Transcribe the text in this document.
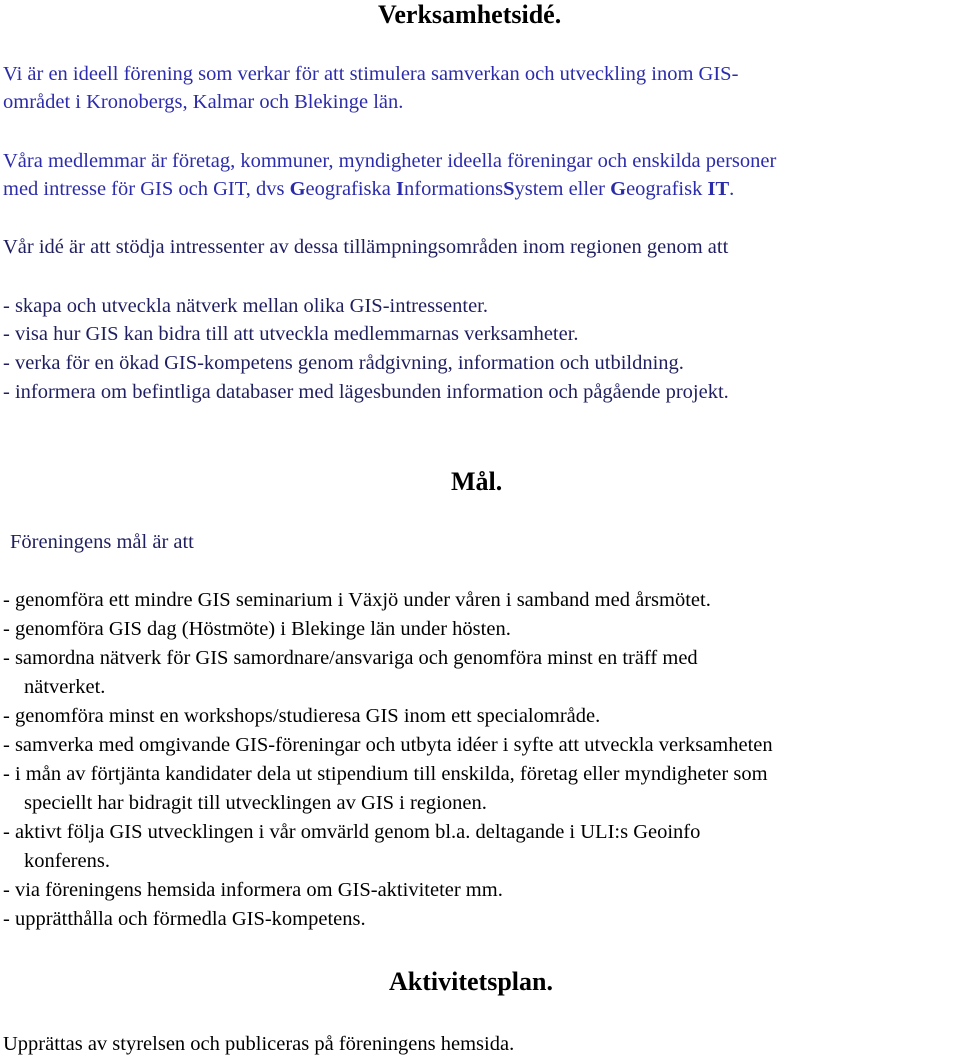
Verksamhetsidé.
Vi är en ideell förening som verkar för att stimulera samverkan och utveckling inom GIS-
området i Kronobergs, Kalmar och Blekinge län.
Våra medlemmar är företag, kommuner, myndigheter ideella föreningar och enskilda personer
med intresse för GIS och GIT, dvs Geografiska InformationsSystem eller Geografisk IT.
Vår idé är att stödja intressenter av dessa tillämpningsområden inom regionen genom att
- skapa och utveckla nätverk mellan olika GIS-intressenter.
- visa hur GIS kan bidra till att utveckla medlemmarnas verksamheter.
- verka för en ökad GIS-kompetens genom rådgivning, information och utbildning.
- informera om befintliga databaser med lägesbunden information och pågående projekt.
Mål.
Föreningens mål är att
- genomföra ett mindre GIS seminarium i Växjö under våren i samband med årsmötet.
- genomföra GIS dag (Höstmöte) i Blekinge län under hösten.
- samordna nätverk för GIS samordnare/ansvariga och genomföra minst en träff med
nätverket.
- genomföra minst en workshops/studieresa GIS inom ett specialområde.
- samverka med omgivande GIS-föreningar och utbyta idéer i syfte att utveckla verksamheten
- i mån av förtjänta kandidater dela ut stipendium till enskilda, företag eller myndigheter som
speciellt har bidragit till utvecklingen av GIS i regionen.
- aktivt följa GIS utvecklingen i vår omvärld genom bl.a. deltagande i ULI:s Geoinfo
konferens.
- via föreningens hemsida informera om GIS-aktiviteter mm.
- upprätthålla och förmedla GIS-kompetens.
Aktivitetsplan.
Upprättas av styrelsen och publiceras på föreningens hemsida.
